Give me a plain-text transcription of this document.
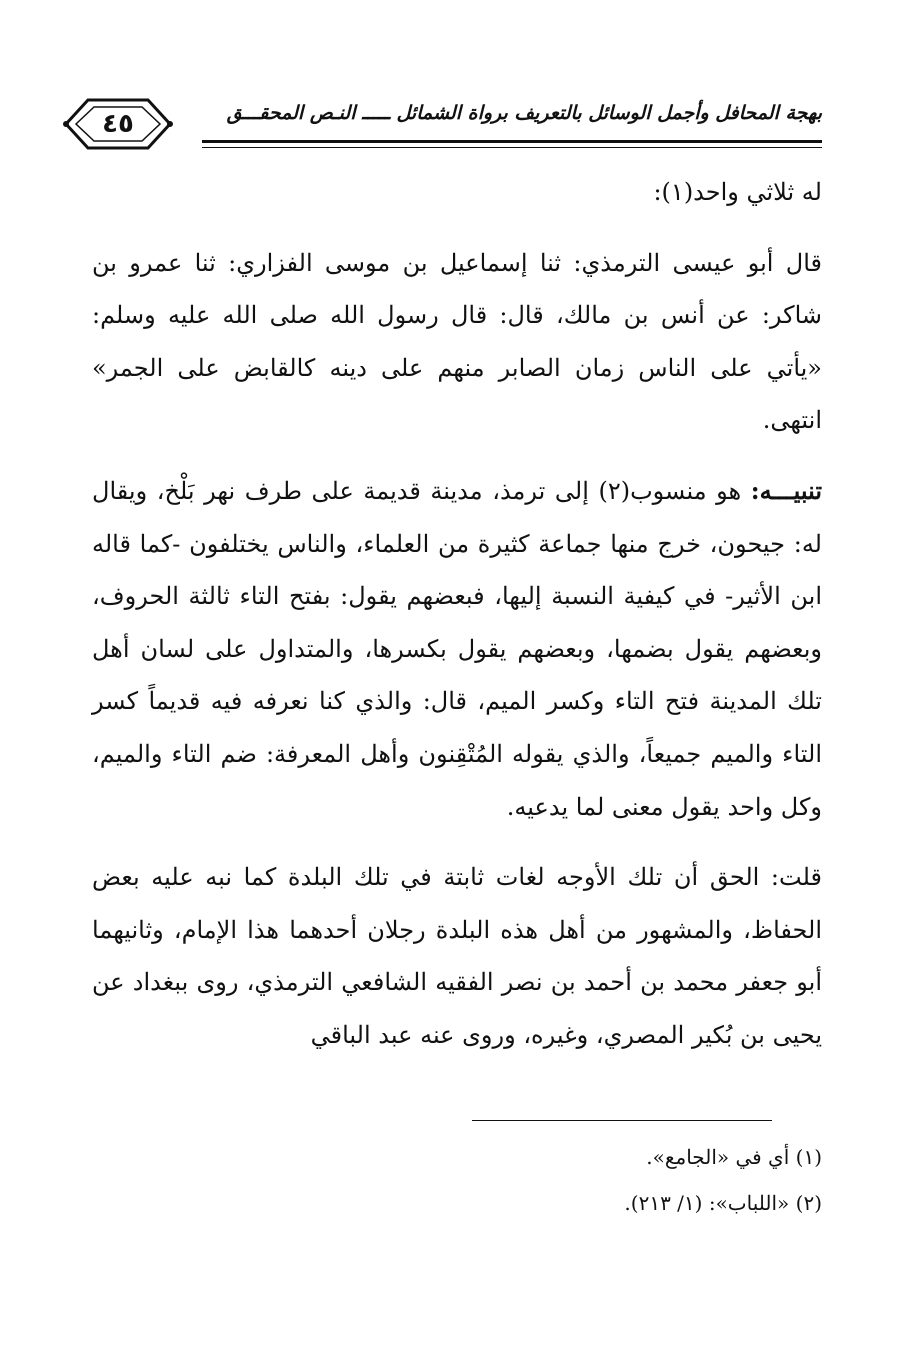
٤٥	بهجة المحافل وأجمل الوسائل بالتعريف برواة الشمائل ـــــ النـص المحقـــق

له ثلاثي واحد(١):

قال أبو عيسى الترمذي: ثنا إسماعيل بن موسى الفزاري: ثنا عمرو بن شاكر: عن أنس بن مالك، قال: قال رسول الله صلى الله عليه وسلم: «يأتي على الناس زمان الصابر منهم على دينه كالقابض على الجمر» انتهى.

تنبيـــه: هو منسوب(٢) إلى ترمذ، مدينة قديمة على طرف نهر بَلْخ، ويقال له: جيحون، خرج منها جماعة كثيرة من العلماء، والناس يختلفون -كما قاله ابن الأثير- في كيفية النسبة إليها، فبعضهم يقول: بفتح التاء ثالثة الحروف، وبعضهم يقول بضمها، وبعضهم يقول بكسرها، والمتداول على لسان أهل تلك المدينة فتح التاء وكسر الميم، قال: والذي كنا نعرفه فيه قديماً كسر التاء والميم جميعاً، والذي يقوله المُتْقِنون وأهل المعرفة: ضم التاء والميم، وكل واحد يقول معنى لما يدعيه.

قلت: الحق أن تلك الأوجه لغات ثابتة في تلك البلدة كما نبه عليه بعض الحفاظ، والمشهور من أهل هذه البلدة رجلان أحدهما هذا الإمام، وثانيهما أبو جعفر محمد بن أحمد بن نصر الفقيه الشافعي الترمذي، روى ببغداد عن يحيى بن بُكير المصري، وغيره، وروى عنه عبد الباقي

(١) أي في «الجامع».

(٢) «اللباب»: (١/ ٢١٣).
